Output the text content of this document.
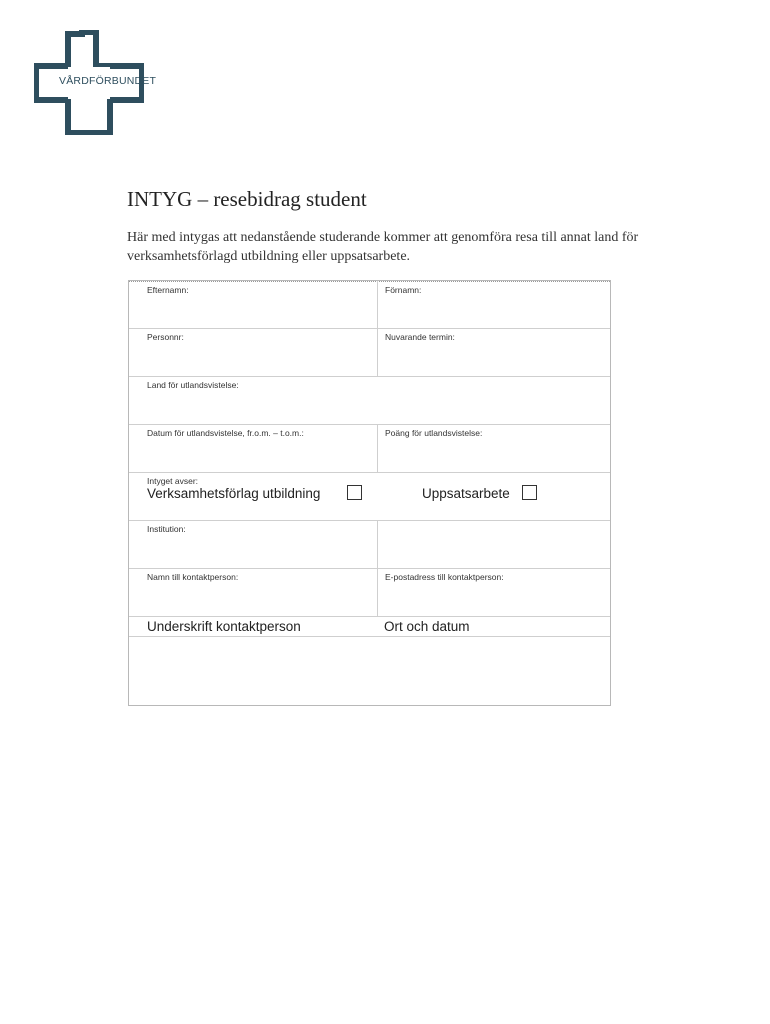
VÅRDFÖRBUNDET
INTYG – resebidrag student

Här med intygas att nedanstående studerande kommer att genomföra resa till annat land för verksamhetsförlagd utbildning eller uppsatsarbete.

Efternamn:	Förnamn:
Personnr:	Nuvarande termin:
Land för utlandsvistelse:
Datum för utlandsvistelse, fr.o.m. – t.o.m.:	Poäng för utlandsvistelse:
Intyget avser:
Verksamhetsförlag utbildning	Uppsatsarbete
Institution:
Namn till kontaktperson:	E-postadress till kontaktperson:
Underskrift kontaktperson	Ort och datum
